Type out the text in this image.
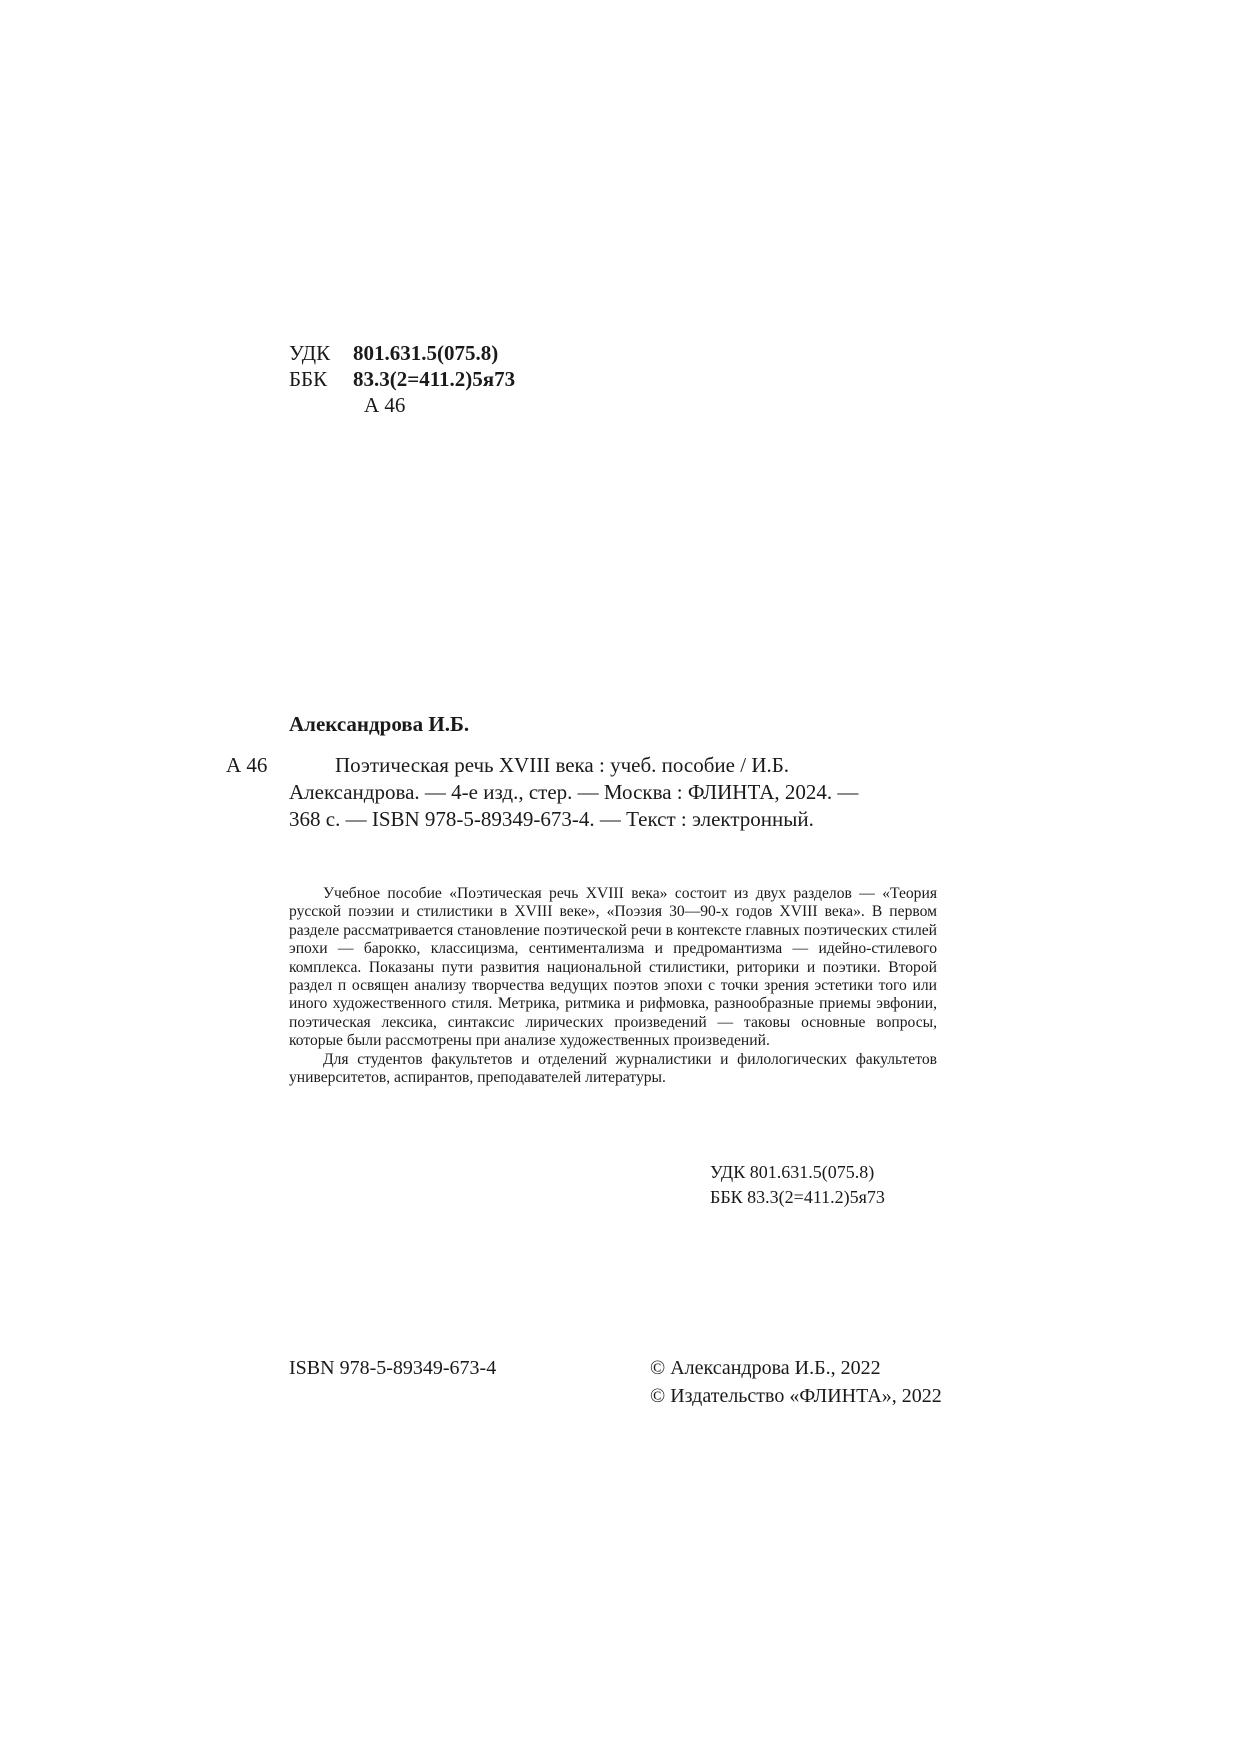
УДК 801.631.5(075.8)
ББК 83.3(2=411.2)5я73
А 46
Александрова И.Б.
А 46	Поэтическая речь XVIII века : учеб. пособие / И.Б.
Александрова. — 4-е изд., стер. — Москва : ФЛИНТА, 2024. —
368 с. — ISBN 978-5-89349-673-4. — Текст : электронный.

Учебное пособие «Поэтическая речь XVIII века» состоит из двух разделов — «Теория русской поэзии и стилистики в XVIII веке», «Поэзия 30—90-х годов XVIII века». В первом разделе рассматривается становление поэтической речи в контексте главных поэтических стилей эпохи — барокко, классицизма, сентиментализма и предромантизма — идейно-стилевого комплекса. Показаны пути развития национальной стилистики, риторики и поэтики. Второй раздел п освящен анализу творчества ведущих поэтов эпохи с точки зрения эстетики того или иного художественного стиля. Метрика, ритмика и рифмовка, разнообразные приемы эвфонии, поэтическая лексика, синтаксис лирических произведений — таковы основные вопросы, которые были рассмотрены при анализе художественных произведений.

Для студентов факультетов и отделений журналистики и филологических факультетов университетов, аспирантов, преподавателей литературы.

УДК 801.631.5(075.8)
ББК 83.3(2=411.2)5я73
ISBN 978-5-89349-673-4	© Александрова И.Б., 2022
© Издательство «ФЛИНТА», 2022
